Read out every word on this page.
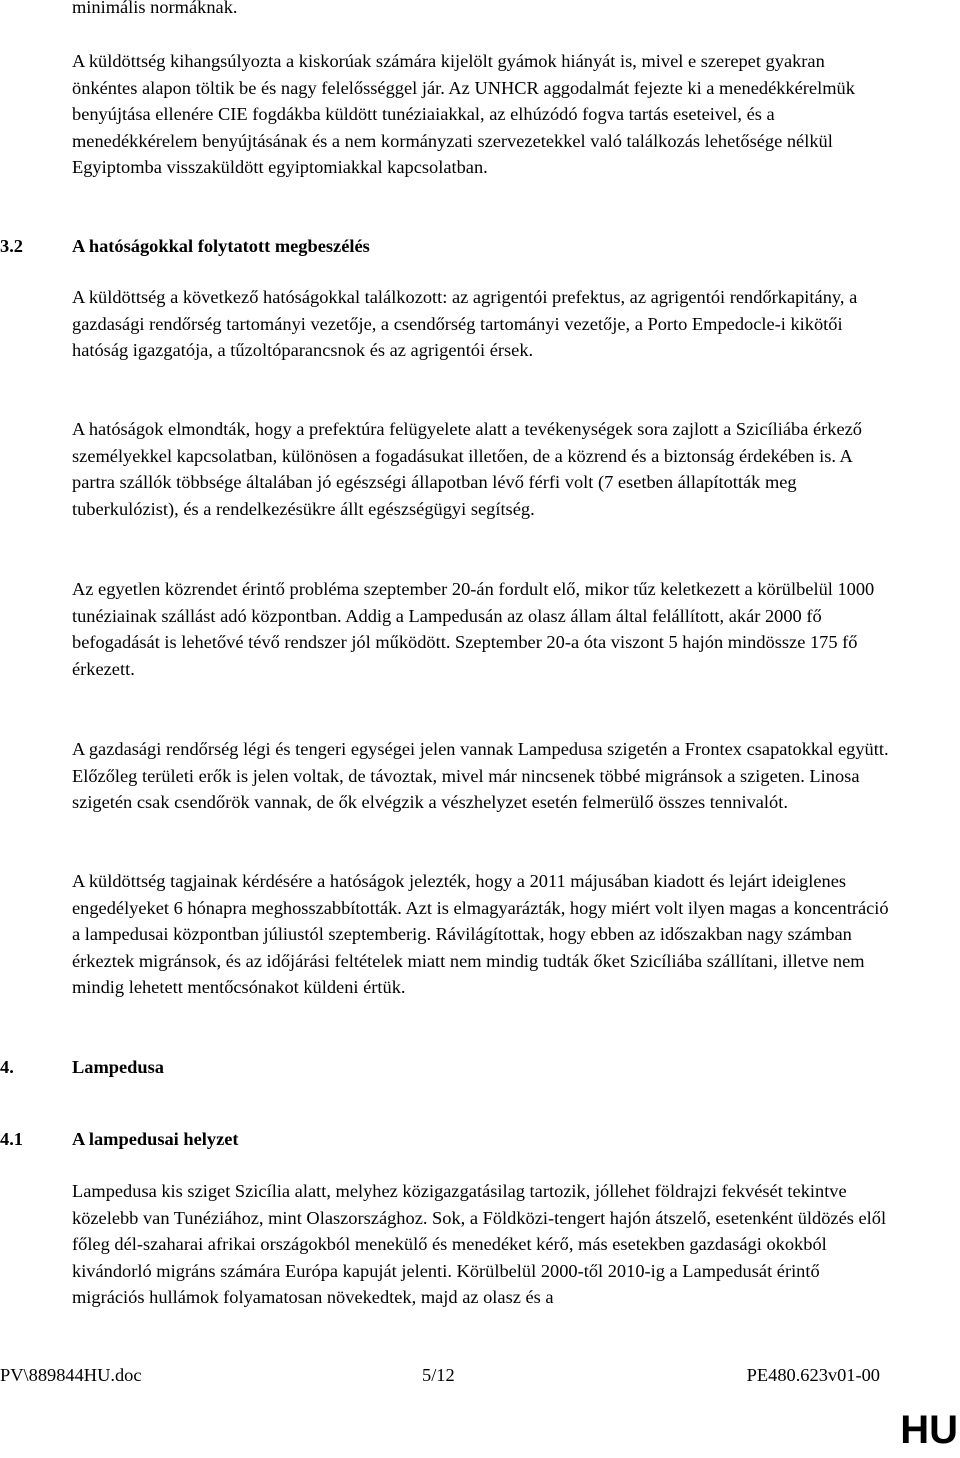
minimális normáknak.

A küldöttség kihangsúlyozta a kiskorúak számára kijelölt gyámok hiányát is, mivel e szerepet gyakran önkéntes alapon töltik be és nagy felelősséggel jár. Az UNHCR aggodalmát fejezte ki a menedékkérelmük benyújtása ellenére CIE fogdákba küldött tunéziaiakkal, az elhúzódó fogva tartás eseteivel, és a menedékkérelem benyújtásának és a nem kormányzati szervezetekkel való találkozás lehetősége nélkül Egyiptomba visszaküldött egyiptomiakkal kapcsolatban.

3.2	A hatóságokkal folytatott megbeszélés

A küldöttség a következő hatóságokkal találkozott: az agrigentói prefektus, az agrigentói rendőrkapitány, a gazdasági rendőrség tartományi vezetője, a csendőrség tartományi vezetője, a Porto Empedocle-i kikötői hatóság igazgatója, a tűzoltóparancsnok és az agrigentói érsek.

A hatóságok elmondták, hogy a prefektúra felügyelete alatt a tevékenységek sora zajlott a Szicíliába érkező személyekkel kapcsolatban, különösen a fogadásukat illetően, de a közrend és a biztonság érdekében is. A partra szállók többsége általában jó egészségi állapotban lévő férfi volt (7 esetben állapították meg tuberkulózist), és a rendelkezésükre állt egészségügyi segítség.

Az egyetlen közrendet érintő probléma szeptember 20-án fordult elő, mikor tűz keletkezett a körülbelül 1000 tunéziainak szállást adó központban. Addig a Lampedusán az olasz állam által felállított, akár 2000 fő befogadását is lehetővé tévő rendszer jól működött. Szeptember 20-a óta viszont 5 hajón mindössze 175 fő érkezett.

A gazdasági rendőrség légi és tengeri egységei jelen vannak Lampedusa szigetén a Frontex csapatokkal együtt. Előzőleg területi erők is jelen voltak, de távoztak, mivel már nincsenek többé migránsok a szigeten. Linosa szigetén csak csendőrök vannak, de ők elvégzik a vészhelyzet esetén felmerülő összes tennivalót.

A küldöttség tagjainak kérdésére a hatóságok jelezték, hogy a 2011 májusában kiadott és lejárt ideiglenes engedélyeket 6 hónapra meghosszabbították. Azt is elmagyarázták, hogy miért volt ilyen magas a koncentráció a lampedusai központban júliustól szeptemberig. Rávilágítottak, hogy ebben az időszakban nagy számban érkeztek migránsok, és az időjárási feltételek miatt nem mindig tudták őket Szicíliába szállítani, illetve nem mindig lehetett mentőcsónakot küldeni értük.

4.	Lampedusa
4.1	A lampedusai helyzet

Lampedusa kis sziget Szicília alatt, melyhez közigazgatásilag tartozik, jóllehet földrajzi fekvését tekintve közelebb van Tunéziához, mint Olaszországhoz. Sok, a Földközi-tengert hajón átszelő, esetenként üldözés elől főleg dél-szaharai afrikai országokból menekülő és menedéket kérő, más esetekben gazdasági okokból kivándorló migráns számára Európa kapuját jelenti. Körülbelül 2000-től 2010-ig a Lampedusát érintő migrációs hullámok folyamatosan növekedtek, majd az olasz és a

PV\889844HU.doc	5/12	PE480.623v01-00
HU
